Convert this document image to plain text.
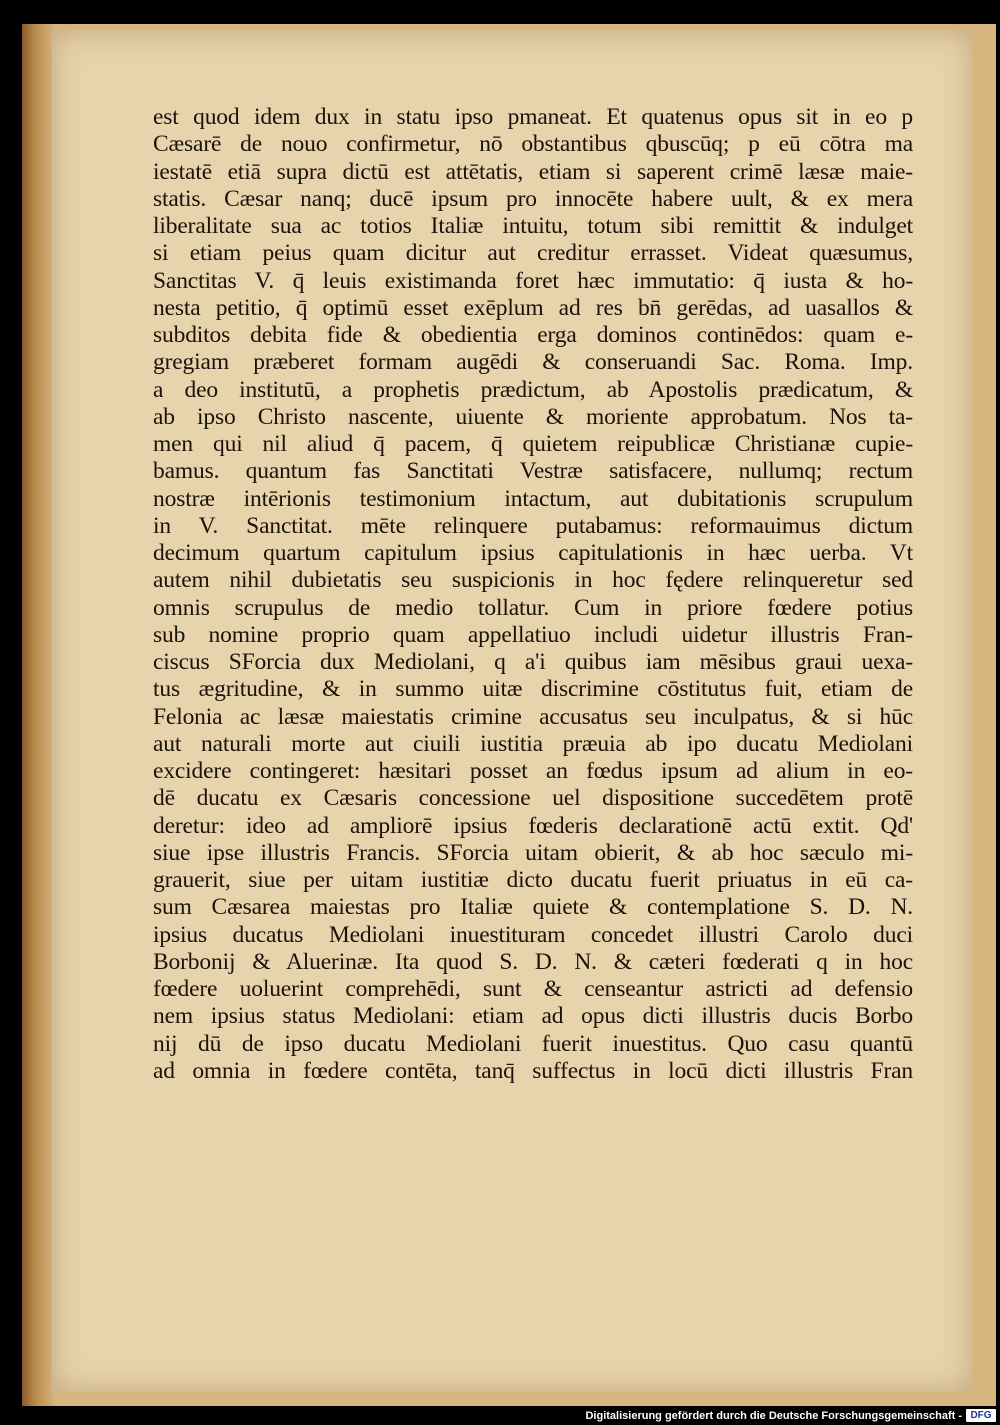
est quod idem dux in statu ipso pmaneat. Et quatenus opus sit in eo p
Cæsarē de nouo confirmetur, nō obstantibus qbuscūq; p eū cōtra ma
iestatē etiā supra dictū est attētatis, etiam si saperent crimē læsæ maie-
statis. Cæsar nanq; ducē ipsum pro innocēte habere uult, & ex mera
liberalitate sua ac totios Italiæ intuitu, totum sibi remittit & indulget
si etiam peius quam dicitur aut creditur errasset. Videat quæsumus,
Sanctitas V. q̄ leuis existimanda foret hæc immutatio: q̄ iusta & ho-
nesta petitio, q̄ optimū esset exēplum ad res bn̄ gerēdas, ad uasallos &
subditos debita fide & obedientia erga dominos continēdos: quam e-
gregiam præberet formam augēdi & conseruandi Sac. Roma. Imp.
a deo institutū, a prophetis prædictum, ab Apostolis prædicatum, &
ab ipso Christo nascente, uiuente & moriente approbatum. Nos ta-
men qui nil aliud q̄ pacem, q̄ quietem reipublicæ Christianæ cupie-
bamus. quantum fas Sanctitati Vestræ satisfacere, nullumq; rectum
nostræ intērionis testimonium intactum, aut dubitationis scrupulum
in V. Sanctitat. mēte relinquere putabamus: reformauimus dictum
decimum quartum capitulum ipsius capitulationis in hæc uerba. Vt
autem nihil dubietatis seu suspicionis in hoc fędere relinqueretur sed
omnis scrupulus de medio tollatur. Cum in priore fœdere potius
sub nomine proprio quam appellatiuo includi uidetur illustris Fran-
ciscus SForcia dux Mediolani, q a'i quibus iam mēsibus graui uexa-
tus ægritudine, & in summo uitæ discrimine cōstitutus fuit, etiam de
Felonia ac læsæ maiestatis crimine accusatus seu inculpatus, & si hūc
aut naturali morte aut ciuili iustitia præuia ab ipo ducatu Mediolani
excidere contingeret: hæsitari posset an fœdus ipsum ad alium in eo-
dē ducatu ex Cæsaris concessione uel dispositione succedētem protē
deretur: ideo ad ampliorē ipsius fœderis declarationē actū extit. Qd'
siue ipse illustris Francis. SForcia uitam obierit, & ab hoc sæculo mi-
grauerit, siue per uitam iustitiæ dicto ducatu fuerit priuatus in eū ca-
sum Cæsarea maiestas pro Italiæ quiete & contemplatione S. D. N.
ipsius ducatus Mediolani inuestituram concedet illustri Carolo duci
Borbonij & Aluerinæ. Ita quod S. D. N. & cæteri fœderati q in hoc
fœdere uoluerint comprehēdi, sunt & censeantur astricti ad defensio
nem ipsius status Mediolani: etiam ad opus dicti illustris ducis Borbo
nij dū de ipso ducatu Mediolani fuerit inuestitus. Quo casu quantū
ad omnia in fœdere contēta, tanq̄ suffectus in locū dicti illustris Fran
Digitalisierung gefördert durch die Deutsche Forschungsgemeinschaft - DFG
